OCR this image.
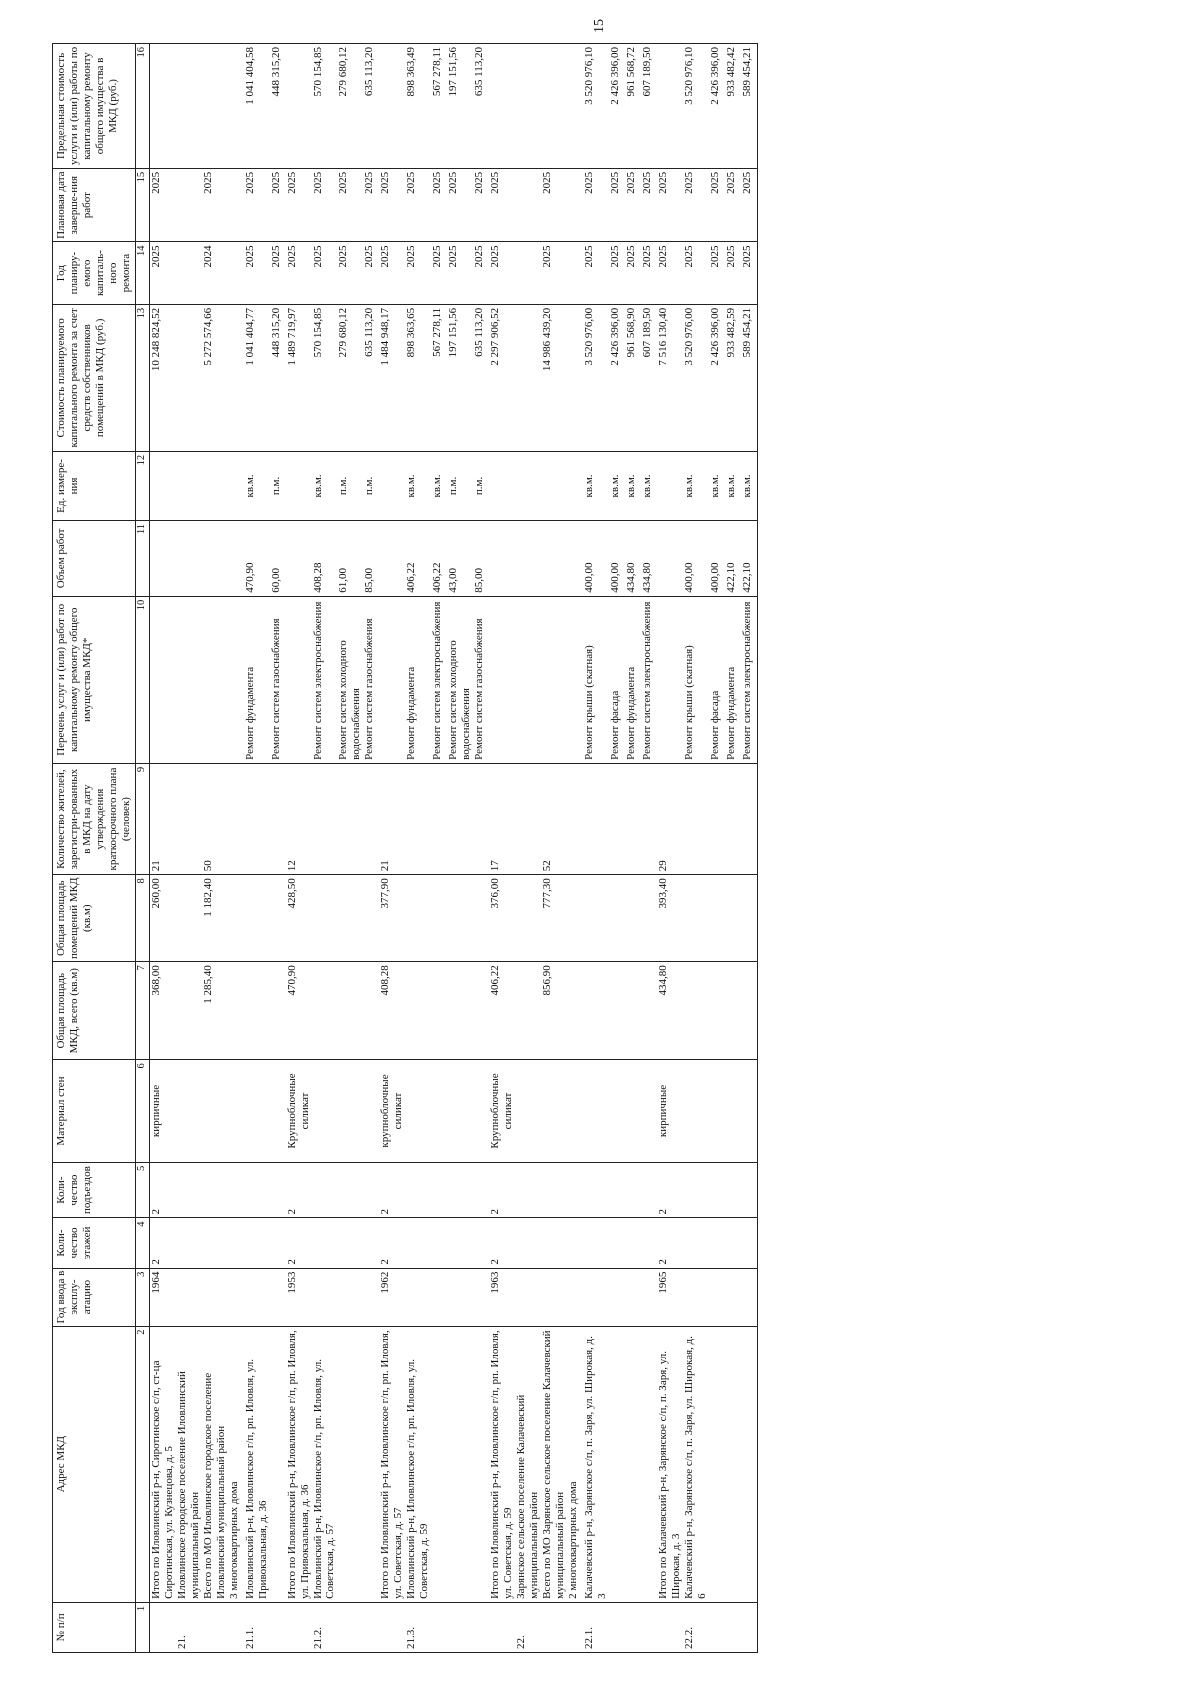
15
№ п/п	Адрес МКД	Год ввода в эксплу-атацию	Коли-чество этажей	Коли-чество подъездов	Материал стен	Общая площадь МКД, всего (кв.м)	Общая площадь помещений МКД (кв.м)	Количество жителей, зарегистри-рованных в МКД на дату утверждения краткосрочного плана (человек)	Перечень услуг и (или) работ по капитальному ремонту общего имущества МКД*	Объем работ	Ед. измере-ния	Стоимость планируемого капитального ремонта за счет средств собственников помещений в МКД (руб.)	Год планиру-емого капиталь-ного ремонта	Плановая дата заверше-ния работ	Предельная стоимость услуги и (или) работы по капитальному ремонту общего имущества в МКД (руб.)
1	2	3	4	5	6	7	8	9	10	11	12	13	14	15	16
	Итого по Иловлинский р-н, Сиротинское с/п, ст-ца Сиротинская, ул. Кузнецова, д. 5	1964	2	2	кирпичные	368,00	260,00	21				10 248 824,52	2025	2025	
21.	Иловлинское городское поселение Иловлинский муниципальный район														
	Всего по МО Иловлинское городское поселение Иловлинский муниципальный район					1 285,40	1 182,40	50				5 272 574,66	2024	2025	
	3 многоквартирных дома														
21.1.	Иловлинский р-н, Иловлинское г/п, рп. Иловля, ул. Привокзальная, д. 36								Ремонт фундамента	470,90	кв.м.	1 041 404,77	2025	2025	1 041 404,58
									Ремонт систем газоснабжения	60,00	п.м.	448 315,20	2025	2025	448 315,20
	Итого по Иловлинский р-н, Иловлинское г/п, рп. Иловля, ул. Привокзальная, д. 36	1953	2	2	Крупноблочные силикат	470,90	428,50	12				1 489 719,97	2025	2025	
21.2.	Иловлинский р-н, Иловлинское г/п, рп. Иловля, ул. Советская, д. 57								Ремонт систем электроснабжения	408,28	кв.м.	570 154,85	2025	2025	570 154,85
									Ремонт систем холодного водоснабжения	61,00	п.м.	279 680,12	2025	2025	279 680,12
									Ремонт систем газоснабжения	85,00	п.м.	635 113,20	2025	2025	635 113,20
	Итого по Иловлинский р-н, Иловлинское г/п, рп. Иловля, ул. Советская, д. 57	1962	2	2	крупноблочные силикат	408,28	377,90	21				1 484 948,17	2025	2025	
21.3.	Иловлинский р-н, Иловлинское г/п, рп. Иловля, ул. Советская, д. 59								Ремонт фундамента	406,22	кв.м.	898 363,65	2025	2025	898 363,49
									Ремонт систем электроснабжения	406,22	кв.м.	567 278,11	2025	2025	567 278,11
									Ремонт систем холодного водоснабжения	43,00	п.м.	197 151,56	2025	2025	197 151,56
									Ремонт систем газоснабжения	85,00	п.м.	635 113,20	2025	2025	635 113,20
	Итого по Иловлинский р-н, Иловлинское г/п, рп. Иловля, ул. Советская, д. 59	1963	2	2	Крупноблочные силикат	406,22	376,00	17				2 297 906,52	2025	2025	
22.	Зарянское сельское поселение Калачевский муниципальный район														
	Всего по МО Зарянское сельское поселение Калачевский муниципальный район					856,90	777,30	52				14 986 439,20	2025	2025	
	2 многоквартирных дома														
22.1.	Калачевский р-н, Зарянское с/п, п. Заря, ул. Широкая, д. 3								Ремонт крыши (скатная)	400,00	кв.м.	3 520 976,00	2025	2025	3 520 976,10
									Ремонт фасада	400,00	кв.м.	2 426 396,00	2025	2025	2 426 396,00
									Ремонт фундамента	434,80	кв.м.	961 568,90	2025	2025	961 568,72
									Ремонт систем электроснабжения	434,80	кв.м.	607 189,50	2025	2025	607 189,50
	Итого по Калачевский р-н, Зарянское с/п, п. Заря, ул. Широкая, д. 3	1965	2	2	кирпичные	434,80	393,40	29				7 516 130,40	2025	2025	
22.2.	Калачевский р-н, Зарянское с/п, п. Заря, ул. Широкая, д. 6								Ремонт крыши (скатная)	400,00	кв.м.	3 520 976,00	2025	2025	3 520 976,10
									Ремонт фасада	400,00	кв.м.	2 426 396,00	2025	2025	2 426 396,00
									Ремонт фундамента	422,10	кв.м.	933 482,59	2025	2025	933 482,42
									Ремонт систем электроснабжения	422,10	кв.м.	589 454,21	2025	2025	589 454,21
